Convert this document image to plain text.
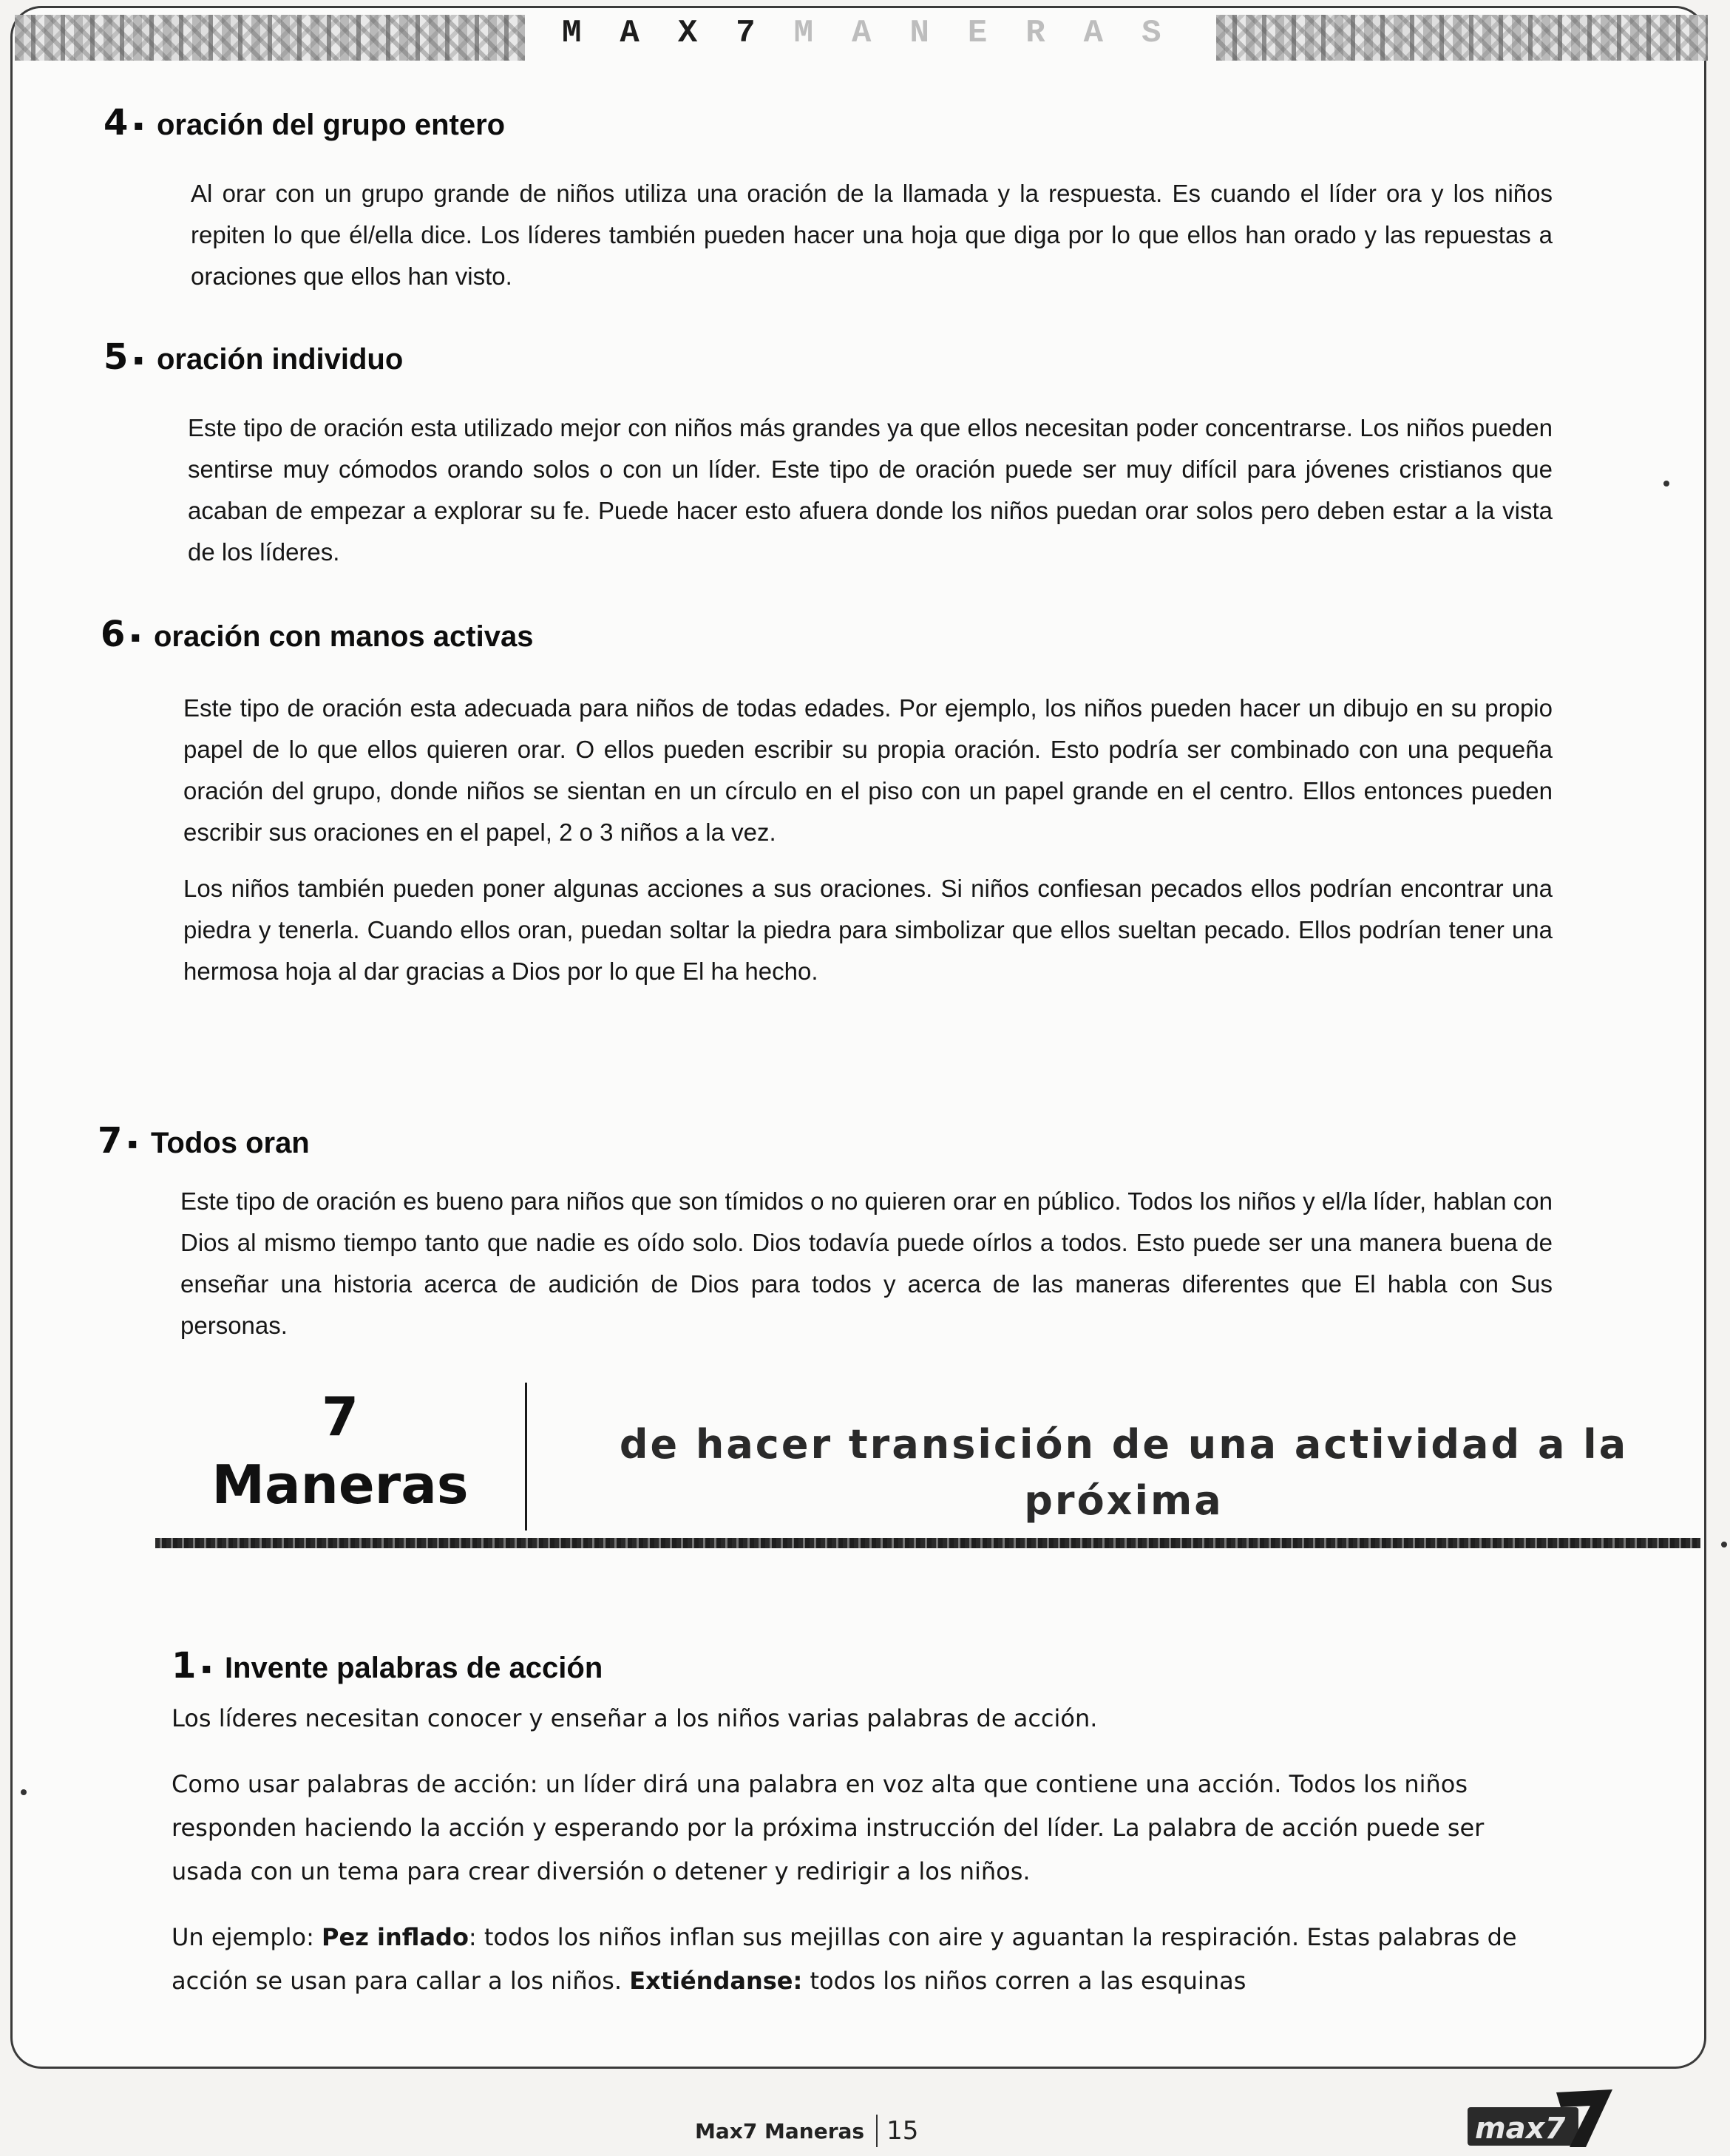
M A X 7 M A N E R A S
4 ▪ oración del grupo entero

Al orar con un grupo grande de niños utiliza una oración de la llamada y la respuesta. Es cuando el líder ora y los niños repiten lo que él/ella dice. Los líderes también pueden hacer una hoja que diga por lo que ellos han orado y las repuestas a oraciones que ellos han visto.

5 ▪ oración individuo

Este tipo de oración esta utilizado mejor con niños más grandes ya que ellos necesitan poder concentrarse. Los niños pueden sentirse muy cómodos orando solos o con un líder. Este tipo de oración puede ser muy difícil para jóvenes cristianos que acaban de empezar a explorar su fe. Puede hacer esto afuera donde los niños puedan orar solos pero deben estar a la vista de los líderes.

6 ▪ oración con manos activas

Este tipo de oración esta adecuada para niños de todas edades. Por ejemplo, los niños pueden hacer un dibujo en su propio papel de lo que ellos quieren orar. O ellos pueden escribir su propia oración. Esto podría ser combinado con una pequeña oración del grupo, donde niños se sientan en un círculo en el piso con un papel grande en el centro. Ellos entonces pueden escribir sus oraciones en el papel, 2 o 3 niños a la vez.

Los niños también pueden poner algunas acciones a sus oraciones. Si niños confiesan pecados ellos podrían encontrar una piedra y tenerla. Cuando ellos oran, puedan soltar la piedra para simbolizar que ellos sueltan pecado. Ellos podrían tener una hermosa hoja al dar gracias a Dios por lo que El ha hecho.

7 ▪ Todos oran

Este tipo de oración es bueno para niños que son tímidos o no quieren orar en público. Todos los niños y el/la líder, hablan con Dios al mismo tiempo tanto que nadie es oído solo. Dios todavía puede oírlos a todos. Esto puede ser una manera buena de enseñar una historia acerca de audición de Dios para todos y acerca de las maneras diferentes que El habla con Sus personas.

7
Maneras
de hacer transición de una actividad a la próxima
1 ▪ Invente palabras de acción

Los líderes necesitan conocer y enseñar a los niños varias palabras de acción.

Como usar palabras de acción: un líder dirá una palabra en voz alta que contiene una acción. Todos los niños responden haciendo la acción y esperando por la próxima instrucción del líder. La palabra de acción puede ser usada con un tema para crear diversión o detener y redirigir a los niños.

Un ejemplo: Pez inflado: todos los niños inflan sus mejillas con aire y aguantan la respiración. Estas palabras de acción se usan para callar a los niños. Extiéndanse: todos los niños corren a las esquinas

Max7 Maneras 15	max7
